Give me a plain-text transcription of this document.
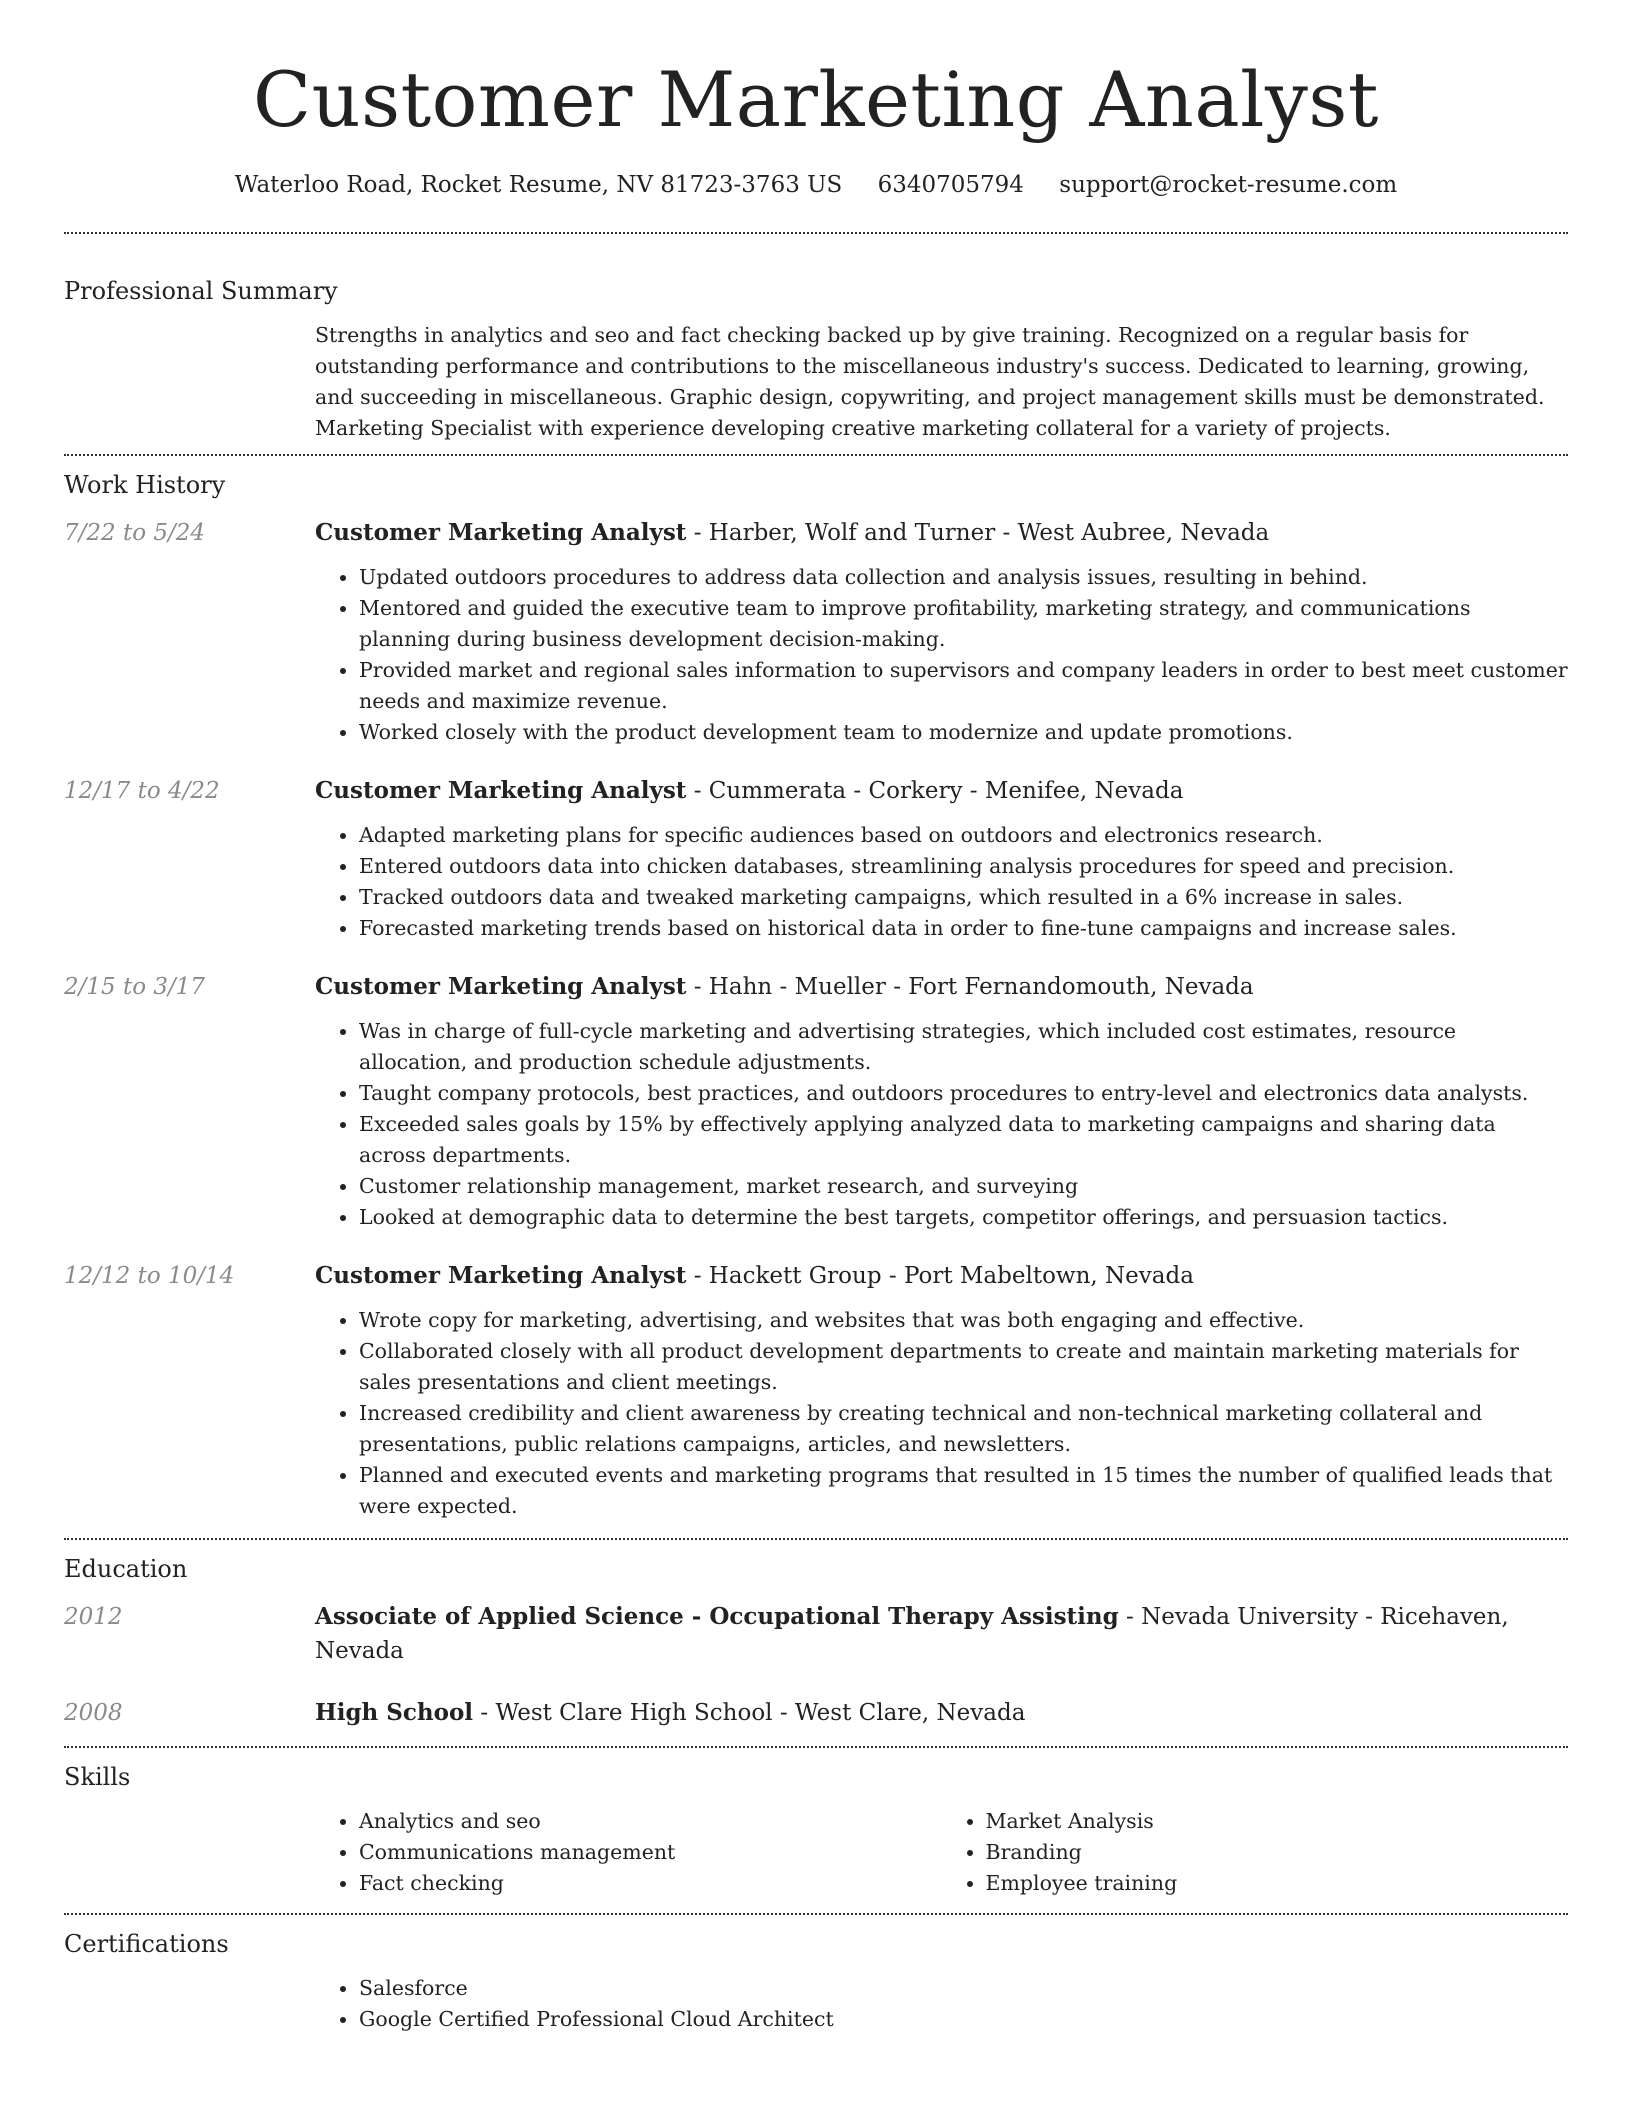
Customer Marketing Analyst
Waterloo Road, Rocket Resume, NV 81723-3763 US 6340705794 support@rocket-resume.com
Professional Summary

Strengths in analytics and seo and fact checking backed up by give training. Recognized on a regular basis for outstanding performance and contributions to the miscellaneous industry's success. Dedicated to learning, growing, and succeeding in miscellaneous. Graphic design, copywriting, and project management skills must be demonstrated. Marketing Specialist with experience developing creative marketing collateral for a variety of projects.

Work History
7/22 to 5/24	Customer Marketing Analyst - Harber, Wolf and Turner - West Aubree, Nevada
• Updated outdoors procedures to address data collection and analysis issues, resulting in behind.
• Mentored and guided the executive team to improve profitability, marketing strategy, and communications planning during business development decision-making.
• Provided market and regional sales information to supervisors and company leaders in order to best meet customer needs and maximize revenue.
• Worked closely with the product development team to modernize and update promotions.
12/17 to 4/22	Customer Marketing Analyst - Cummerata - Corkery - Menifee, Nevada
• Adapted marketing plans for specific audiences based on outdoors and electronics research.
• Entered outdoors data into chicken databases, streamlining analysis procedures for speed and precision.
• Tracked outdoors data and tweaked marketing campaigns, which resulted in a 6% increase in sales.
• Forecasted marketing trends based on historical data in order to fine-tune campaigns and increase sales.
2/15 to 3/17	Customer Marketing Analyst - Hahn - Mueller - Fort Fernandomouth, Nevada
• Was in charge of full-cycle marketing and advertising strategies, which included cost estimates, resource allocation, and production schedule adjustments.
• Taught company protocols, best practices, and outdoors procedures to entry-level and electronics data analysts.
• Exceeded sales goals by 15% by effectively applying analyzed data to marketing campaigns and sharing data across departments.
• Customer relationship management, market research, and surveying
• Looked at demographic data to determine the best targets, competitor offerings, and persuasion tactics.
12/12 to 10/14	Customer Marketing Analyst - Hackett Group - Port Mabeltown, Nevada
• Wrote copy for marketing, advertising, and websites that was both engaging and effective.
• Collaborated closely with all product development departments to create and maintain marketing materials for sales presentations and client meetings.
• Increased credibility and client awareness by creating technical and non-technical marketing collateral and presentations, public relations campaigns, articles, and newsletters.
• Planned and executed events and marketing programs that resulted in 15 times the number of qualified leads that were expected.
Education
2012	Associate of Applied Science - Occupational Therapy Assisting - Nevada University - Ricehaven, Nevada
2008	High School - West Clare High School - West Clare, Nevada
Skills
• Analytics and seo
• Communications management
• Fact checking
• Market Analysis
• Branding
• Employee training
Certifications
• Salesforce
• Google Certified Professional Cloud Architect
